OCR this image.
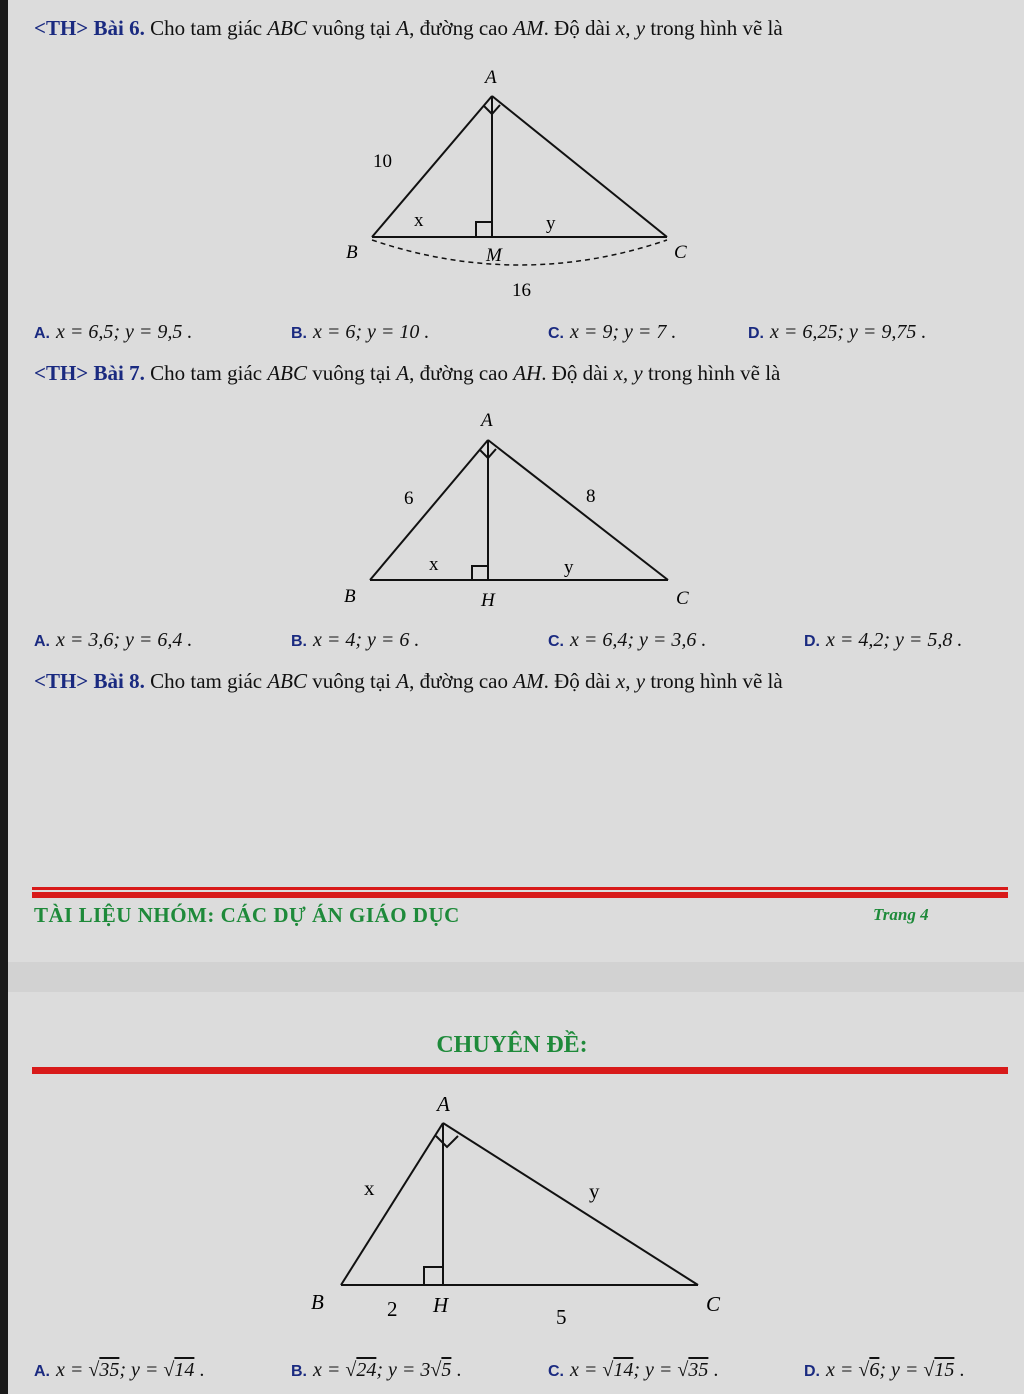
<TH> Bài 6. Cho tam giác ABC vuông tại A, đường cao AM. Độ dài x, y trong hình vẽ là
A
B	M	C
10
x	y
16
A
B	H	C
6	8
x	y
A
B	H	C
x	y
2	5
A. x = 6,5; y = 9,5 .	B. x = 6; y = 10 .	C. x = 9; y = 7 .	D. x = 6,25; y = 9,75 .
<TH> Bài 7. Cho tam giác ABC vuông tại A, đường cao AH. Độ dài x, y trong hình vẽ là
A. x = 3,6; y = 6,4 .	B. x = 4; y = 6 .	C. x = 6,4; y = 3,6 .	D. x = 4,2; y = 5,8 .
<TH> Bài 8. Cho tam giác ABC vuông tại A, đường cao AM. Độ dài x, y trong hình vẽ là
TÀI LIỆU NHÓM: CÁC DỰ ÁN GIÁO DỤC	Trang 4
CHUYÊN ĐỀ:
A. x = √35; y = √14 .	B. x = √24; y = 3√5 .	C. x = √14; y = √35 .	D. x = √6; y = √15 .
